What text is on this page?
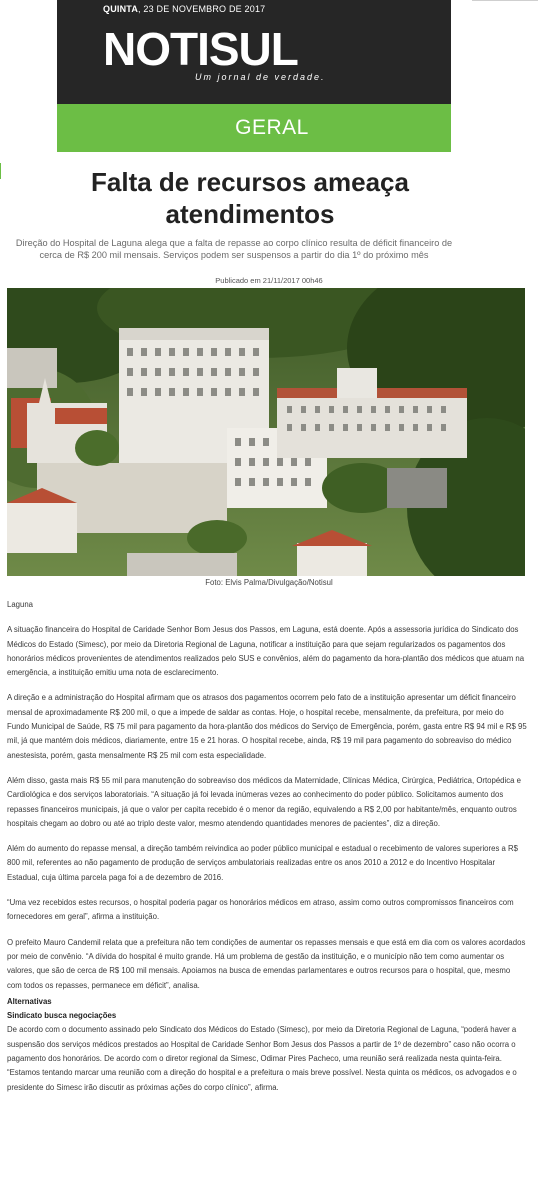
QUINTA, 23 DE NOVEMBRO DE 2017
NOTISUL
Um jornal de verdade.
GERAL
Falta de recursos ameaça atendimentos

Direção do Hospital de Laguna alega que a falta de repasse ao corpo clínico resulta de déficit financeiro de cerca de R$ 200 mil mensais. Serviços podem ser suspensos a partir do dia 1º do próximo mês

Publicado em 21/11/2017 00h46
Foto: Elvis Palma/Divulgação/Notisul

Laguna

A situação financeira do Hospital de Caridade Senhor Bom Jesus dos Passos, em Laguna, está doente. Após a assessoria jurídica do Sindicato dos Médicos do Estado (Simesc), por meio da Diretoria Regional de Laguna, notificar a instituição para que sejam regularizados os pagamentos dos honorários médicos provenientes de atendimentos realizados pelo SUS e convênios, além do pagamento da hora-plantão dos médicos que atuam na emergência, a instituição emitiu uma nota de esclarecimento.

A direção e a administração do Hospital afirmam que os atrasos dos pagamentos ocorrem pelo fato de a instituição apresentar um déficit financeiro mensal de aproximadamente R$ 200 mil, o que a impede de saldar as contas. Hoje, o hospital recebe, mensalmente, da prefeitura, por meio do Fundo Municipal de Saúde, R$ 75 mil para pagamento da hora-plantão dos médicos do Serviço de Emergência, porém, gasta entre R$ 94 mil e R$ 95 mil, já que mantém dois médicos, diariamente, entre 15 e 21 horas. O hospital recebe, ainda, R$ 19 mil para pagamento do sobreaviso do médico anestesista, porém, gasta mensalmente R$ 25 mil com esta especialidade.

Além disso, gasta mais R$ 55 mil para manutenção do sobreaviso dos médicos da Maternidade, Clínicas Médica, Cirúrgica, Pediátrica, Ortopédica e Cardiológica e dos serviços laboratoriais. “A situação já foi levada inúmeras vezes ao conhecimento do poder público. Solicitamos aumento dos repasses financeiros municipais, já que o valor per capita recebido é o menor da região, equivalendo a R$ 2,00 por habitante/mês, enquanto outros hospitais chegam ao dobro ou até ao triplo deste valor, mesmo atendendo quantidades menores de pacientes”, diz a direção.

Além do aumento do repasse mensal, a direção também reivindica ao poder público municipal e estadual o recebimento de valores superiores a R$ 800 mil, referentes ao não pagamento de produção de serviços ambulatoriais realizadas entre os anos 2010 a 2012 e do Incentivo Hospitalar Estadual, cuja última parcela paga foi a de dezembro de 2016.

“Uma vez recebidos estes recursos, o hospital poderia pagar os honorários médicos em atraso, assim como outros compromissos financeiros com fornecedores em geral”, afirma a instituição.

O prefeito Mauro Candemil relata que a prefeitura não tem condições de aumentar os repasses mensais e que está em dia com os valores acordados por meio de convênio. “A dívida do hospital é muito grande. Há um problema de gestão da instituição, e o município não tem como aumentar os valores, que são de cerca de R$ 100 mil mensais. Apoiamos na busca de emendas parlamentares e outros recursos para o hospital, que, mesmo com todos os repasses, permanece em déficit”, analisa.

Alternativas

Sindicato busca negociações

De acordo com o documento assinado pelo Sindicato dos Médicos do Estado (Simesc), por meio da Diretoria Regional de Laguna, “poderá haver a suspensão dos serviços médicos prestados ao Hospital de Caridade Senhor Bom Jesus dos Passos a partir de 1º de dezembro” caso não ocorra o pagamento dos honorários. De acordo com o diretor regional da Simesc, Odimar Pires Pacheco, uma reunião será realizada nesta quinta-feira. “Estamos tentando marcar uma reunião com a direção do hospital e a prefeitura o mais breve possível. Nesta quinta os médicos, os advogados e o presidente do Simesc irão discutir as próximas ações do corpo clínico”, afirma.
